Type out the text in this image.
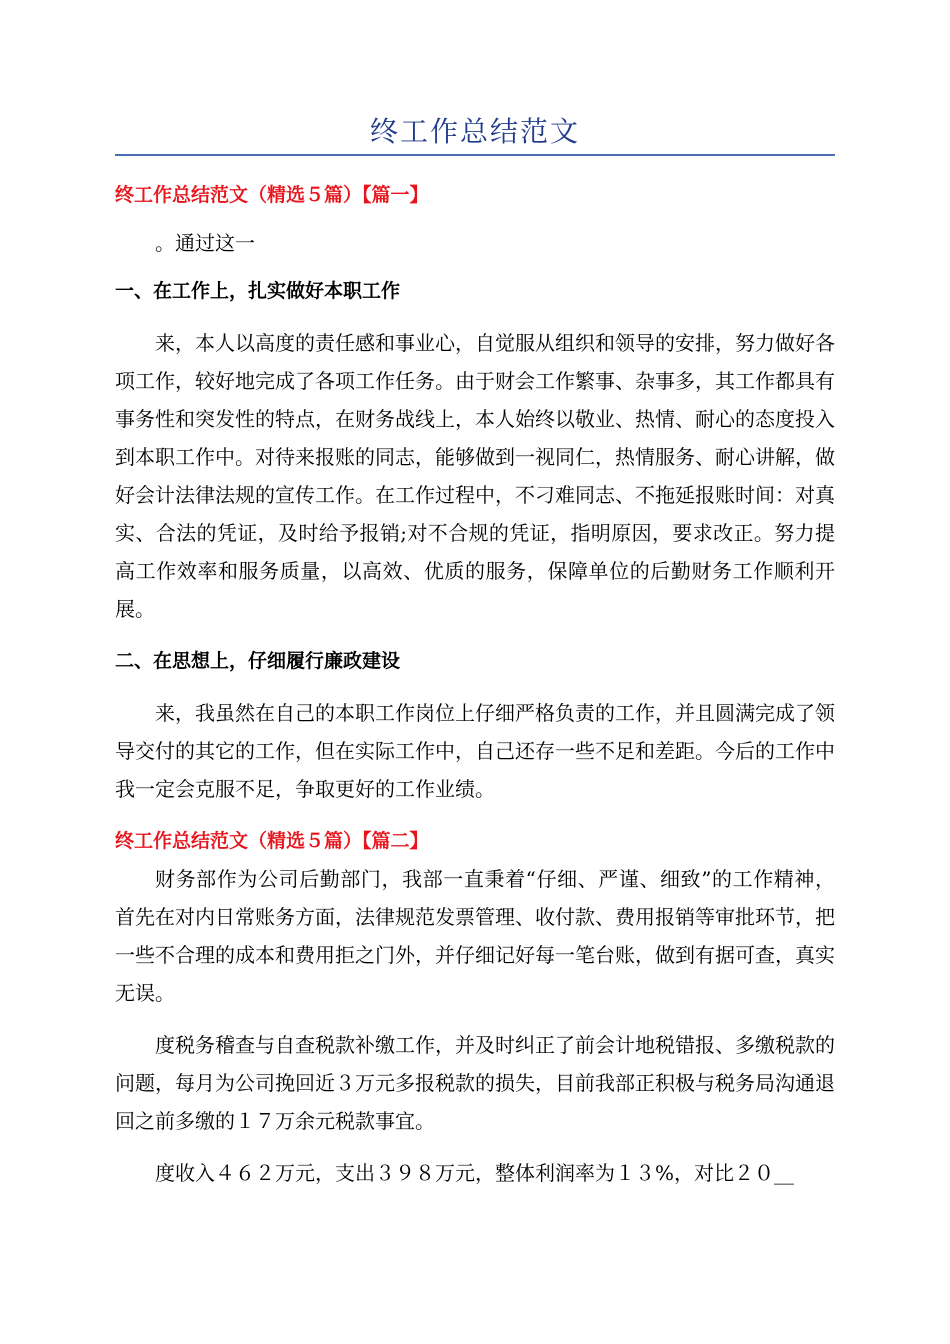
终工作总结范文
终工作总结范文（精选５篇）【篇一】

。通过这一

一、在工作上，扎实做好本职工作

来，本人以高度的责任感和事业心，自觉服从组织和领导的安排，努力做好各项工作，较好地完成了各项工作任务。由于财会工作繁事、杂事多，其工作都具有事务性和突发性的特点，在财务战线上，本人始终以敬业、热情、耐心的态度投入到本职工作中。对待来报账的同志，能够做到一视同仁，热情服务、耐心讲解，做好会计法律法规的宣传工作。在工作过程中，不刁难同志、不拖延报账时间：对真实、合法的凭证，及时给予报销;对不合规的凭证，指明原因，要求改正。努力提高工作效率和服务质量，以高效、优质的服务，保障单位的后勤财务工作顺利开展。

二、在思想上，仔细履行廉政建设

来，我虽然在自己的本职工作岗位上仔细严格负责的工作，并且圆满完成了领导交付的其它的工作，但在实际工作中，自己还存一些不足和差距。今后的工作中我一定会克服不足，争取更好的工作业绩。

终工作总结范文（精选５篇）【篇二】

财务部作为公司后勤部门，我部一直秉着“仔细、严谨、细致”的工作精神，首先在对内日常账务方面，法律规范发票管理、收付款、费用报销等审批环节，把一些不合理的成本和费用拒之门外，并仔细记好每一笔台账，做到有据可查，真实无误。

度税务稽查与自查税款补缴工作，并及时纠正了前会计地税错报、多缴税款的问题，每月为公司挽回近３万元多报税款的损失，目前我部正积极与税务局沟通退回之前多缴的１７万余元税款事宜。

度收入４６２万元，支出３９８万元，整体利润率为１３%，对比２０__
